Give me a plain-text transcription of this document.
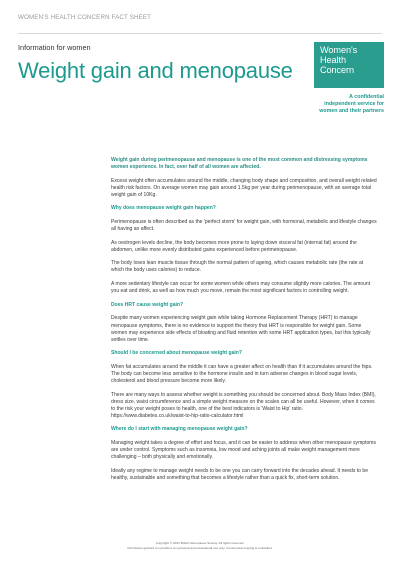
WOMEN'S HEALTH CONCERN FACT SHEET
Information for women
Weight gain and menopause
Women's
Health
Concern
A confidential
independent service for
women and their partners

Weight gain during perimenopause and menopause is one of the most common and distressing symptoms women experience. In fact, over half of all women are affected.

Excess weight often accumulates around the middle, changing body shape and composition, and overall weight related health risk factors. On average women may gain around 1.5kg per year during perimenopause, with an average total weight gain of 10Kg.

Why does menopause weight gain happen?

Perimenopause is often described as the 'perfect storm' for weight gain, with hormonal, metabolic and lifestyle changes all having an affect.

As oestrogen levels decline, the body becomes more prone to laying down visceral fat (internal fat) around the abdomen, unlike more evenly distributed gains experienced before perimenopause.

The body loses lean muscle tissue through the normal pattern of ageing, which causes metabolic rate (the rate at which the body uses calories) to reduce.

A more sedentary lifestyle can occur for some women while others may consume slightly more calories. The amount you eat and drink, as well as how much you move, remain the most significant factors in controlling weight.

Does HRT cause weight gain?

Despite many women experiencing weight gain while taking Hormone Replacement Therapy (HRT) to manage menopause symptoms, there is no evidence to support the theory that HRT is responsible for weight gain. Some women may experience side effects of bloating and fluid retention with some HRT application types, but this typically settles over time.

Should I be concerned about menopause weight gain?

When fat accumulates around the middle it can have a greater affect on health than if it accumulates around the hips. The body can become less sensitive to the hormone insulin and in turn adverse changes in blood sugar levels, cholesterol and blood pressure become more likely.

There are many ways to assess whether weight is something you should be concerned about. Body Mass Index (BMI), dress size, waist circumference and a simple weight measure on the scales can all be useful. However, when it comes to the risk your weight poses to health, one of the best indicators is 'Waist to Hip' ratio. https://www.diabetes.co.uk/waist-to-hip-ratio-calculator.html

Where do I start with managing menopause weight gain?

Managing weight takes a degree of effort and focus, and it can be easier to address when other menopause symptoms are under control. Symptoms such as insomnia, low mood and aching joints all make weight management more challenging – both physically and emotionally.

Ideally any regime to manage weight needs to be one you can carry forward into the decades ahead. It needs to be healthy, sustainable and something that becomes a lifestyle rather than a quick fix, short-term solution.

Copyright © 2023 British Menopause Society. All rights reserved.
Permission granted to reproduce for personal and educational use only. Commercial copying is prohibited.
